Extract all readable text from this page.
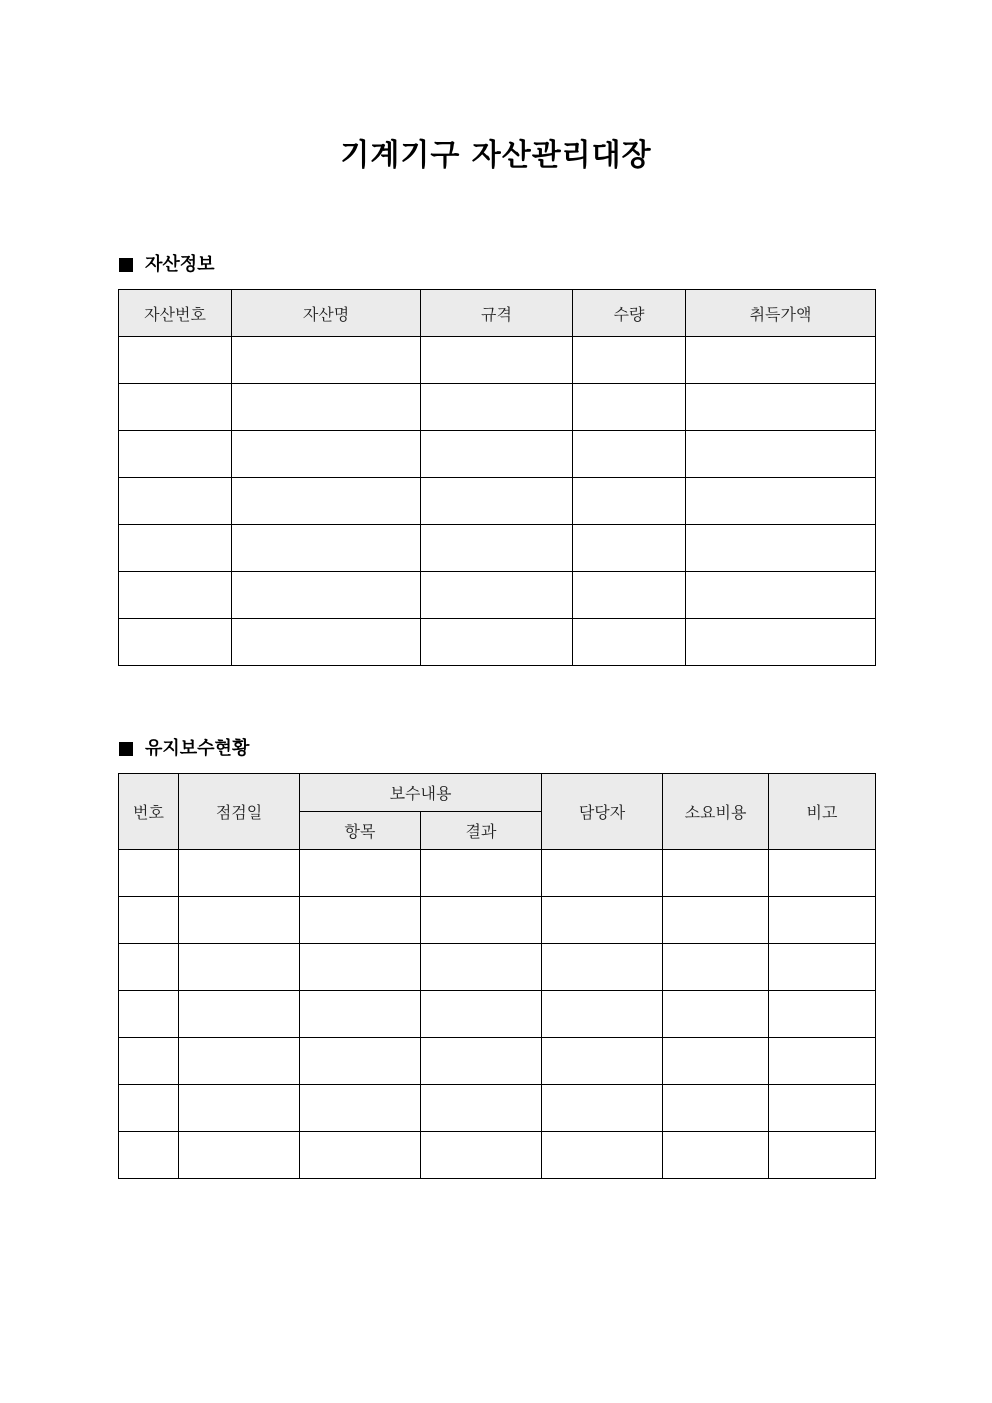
기계기구 자산관리대장
자산정보
자산번호	자산명	규격	수량	취득가액

유지보수현황
번호	점검일	보수내용		담당자	소요비용	비고
		항목	결과			
